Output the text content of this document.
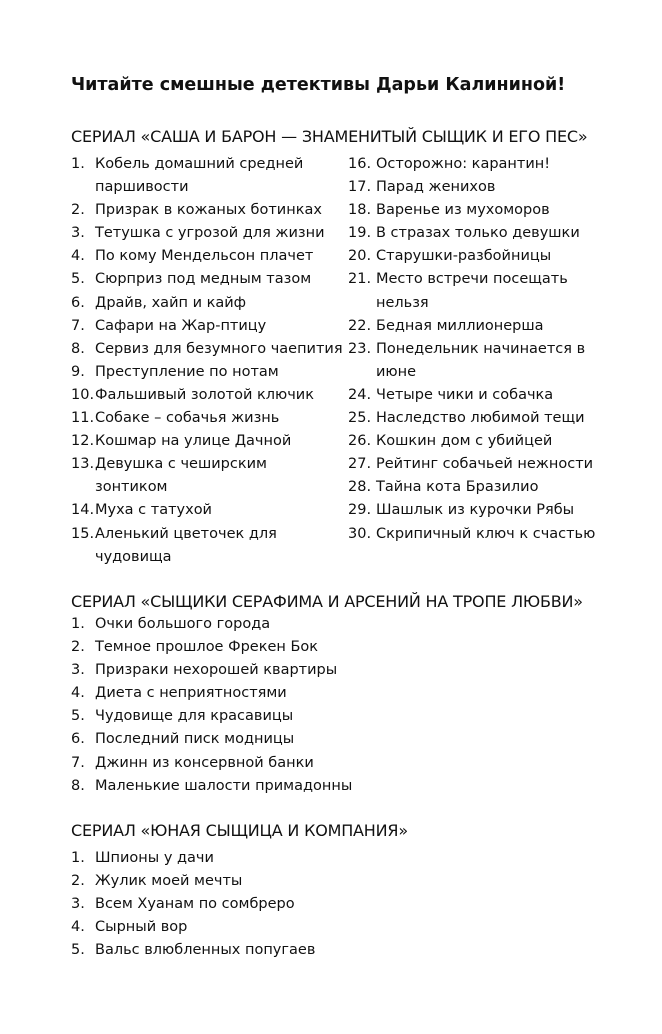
Читайте смешные детективы Дарьи Калининой!
СЕРИАЛ «САША И БАРОН — ЗНАМЕНИТЫЙ СЫЩИК И ЕГО ПЕС»
1. Кобель домашний средней паршивости
2. Призрак в кожаных ботинках
3. Тетушка с угрозой для жизни
4. По кому Мендельсон плачет
5. Сюрприз под медным тазом
6. Драйв, хайп и кайф
7. Сафари на Жар-птицу
8. Сервиз для безумного чаепития
9. Преступление по нотам
10. Фальшивый золотой ключик
11. Собаке – собачья жизнь
12. Кошмар на улице Дачной
13. Девушка с чеширским зонтиком
14. Муха с татухой
15. Аленький цветочек для чудовища
16. Осторожно: карантин!
17. Парад женихов
18. Варенье из мухоморов
19. В стразах только девушки
20. Старушки-разбойницы
21. Место встречи посещать нельзя
22. Бедная миллионерша
23. Понедельник начинается в июне
24. Четыре чики и собачка
25. Наследство любимой тещи
26. Кошкин дом с убийцей
27. Рейтинг собачьей нежности
28. Тайна кота Бразилио
29. Шашлык из курочки Рябы
30. Скрипичный ключ к счастью
СЕРИАЛ «СЫЩИКИ СЕРАФИМА И АРСЕНИЙ НА ТРОПЕ ЛЮБВИ»
1. Очки большого города
2. Темное прошлое Фрекен Бок
3. Призраки нехорошей квартиры
4. Диета с неприятностями
5. Чудовище для красавицы
6. Последний писк модницы
7. Джинн из консервной банки
8. Маленькие шалости примадонны
СЕРИАЛ «ЮНАЯ СЫЩИЦА И КОМПАНИЯ»
1. Шпионы у дачи
2. Жулик моей мечты
3. Всем Хуанам по сомбреро
4. Сырный вор
5. Вальс влюбленных попугаев
